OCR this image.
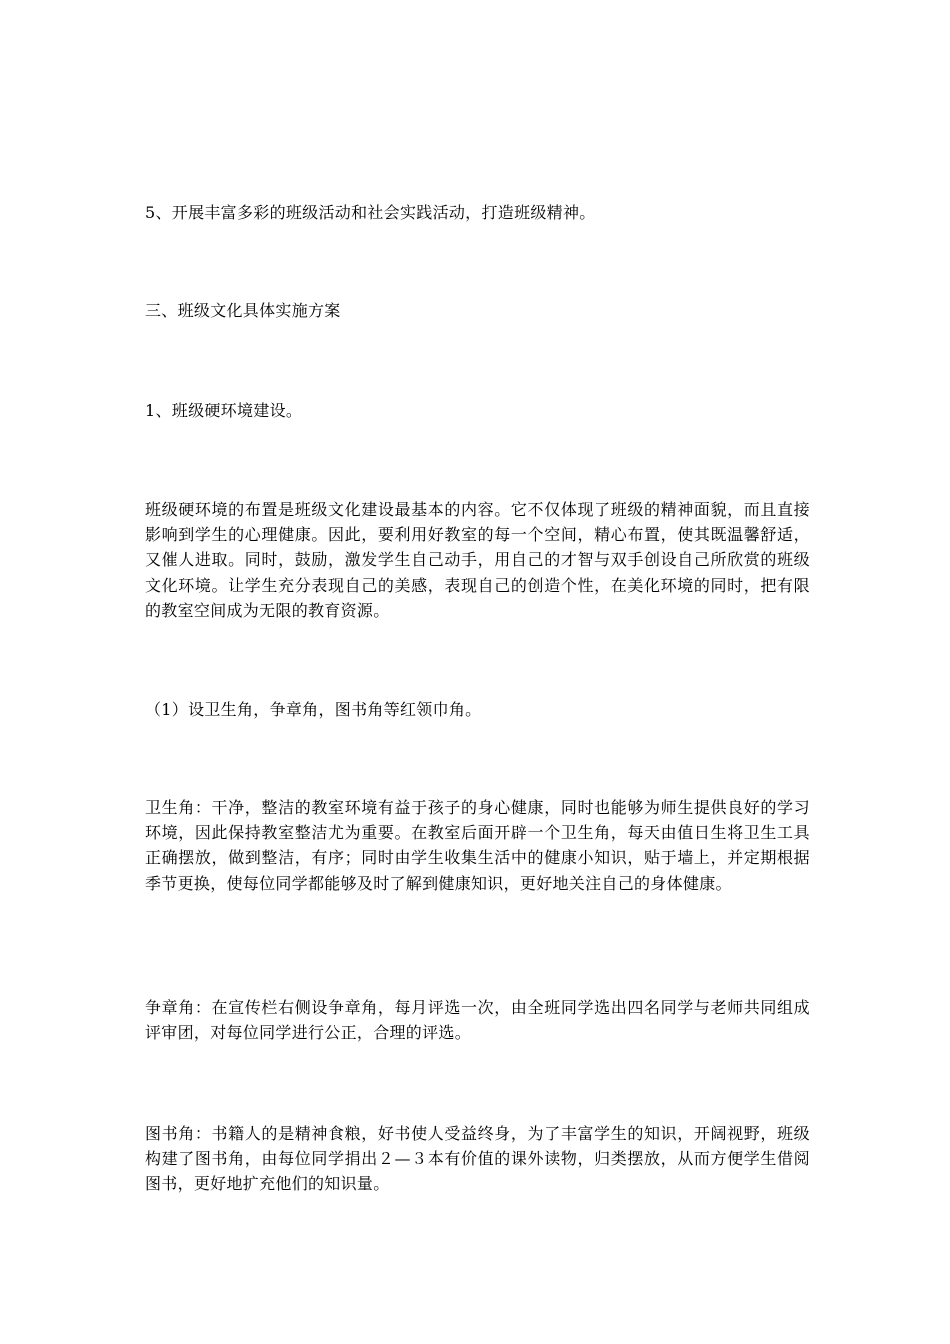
5、开展丰富多彩的班级活动和社会实践活动，打造班级精神。

三、班级文化具体实施方案

1、班级硬环境建设。

班级硬环境的布置是班级文化建设最基本的内容。它不仅体现了班级的精神面貌，而且直接影响到学生的心理健康。因此，要利用好教室的每一个空间，精心布置，使其既温馨舒适，又催人进取。同时，鼓励，激发学生自己动手，用自己的才智与双手创设自己所欣赏的班级文化环境。让学生充分表现自己的美感，表现自己的创造个性，在美化环境的同时，把有限的教室空间成为无限的教育资源。

（1）设卫生角，争章角，图书角等红领巾角。

卫生角：干净，整洁的教室环境有益于孩子的身心健康，同时也能够为师生提供良好的学习环境，因此保持教室整洁尤为重要。在教室后面开辟一个卫生角，每天由值日生将卫生工具正确摆放，做到整洁，有序；同时由学生收集生活中的健康小知识，贴于墙上，并定期根据季节更换，使每位同学都能够及时了解到健康知识，更好地关注自己的身体健康。

争章角：在宣传栏右侧设争章角，每月评选一次，由全班同学选出四名同学与老师共同组成评审团，对每位同学进行公正，合理的评选。

图书角：书籍人的是精神食粮，好书使人受益终身，为了丰富学生的知识，开阔视野，班级构建了图书角，由每位同学捐出２—３本有价值的课外读物，归类摆放，从而方便学生借阅图书，更好地扩充他们的知识量。
